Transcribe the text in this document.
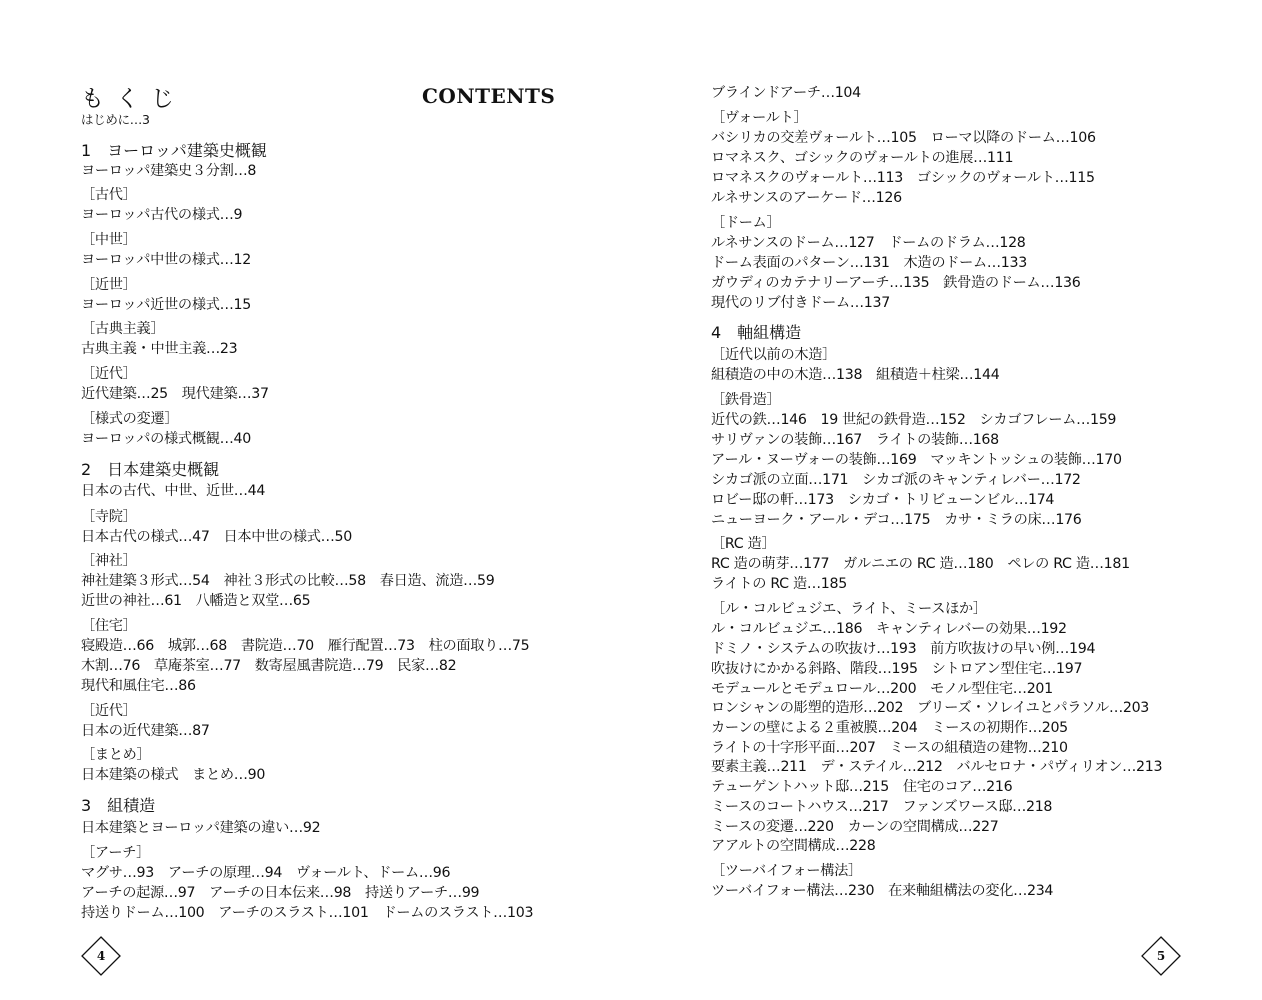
もくじ	CONTENTS
はじめに…3
1　ヨーロッパ建築史概観
ヨーロッパ建築史３分割…8
［古代］
ヨーロッパ古代の様式…9
［中世］
ヨーロッパ中世の様式…12
［近世］
ヨーロッパ近世の様式…15
［古典主義］
古典主義・中世主義…23
［近代］
近代建築…25　現代建築…37
［様式の変遷］
ヨーロッパの様式概観…40
2　日本建築史概観
日本の古代、中世、近世…44
［寺院］
日本古代の様式…47　日本中世の様式…50
［神社］
神社建築３形式…54　神社３形式の比較…58　春日造、流造…59
近世の神社…61　八幡造と双堂…65
［住宅］
寝殿造…66　城郭…68　書院造…70　雁行配置…73　柱の面取り…75
木割…76　草庵茶室…77　数寄屋風書院造…79　民家…82
現代和風住宅…86
［近代］
日本の近代建築…87
［まとめ］
日本建築の様式　まとめ…90
3　組積造
日本建築とヨーロッパ建築の違い…92
［アーチ］
マグサ…93　アーチの原理…94　ヴォールト、ドーム…96
アーチの起源…97　アーチの日本伝来…98　持送りアーチ…99
持送りドーム…100　アーチのスラスト…101　ドームのスラスト…103
4
ブラインドアーチ…104
［ヴォールト］
バシリカの交差ヴォールト…105　ローマ以降のドーム…106
ロマネスク、ゴシックのヴォールトの進展…111
ロマネスクのヴォールト…113　ゴシックのヴォールト…115
ルネサンスのアーケード…126
［ドーム］
ルネサンスのドーム…127　ドームのドラム…128
ドーム表面のパターン…131　木造のドーム…133
ガウディのカテナリーアーチ…135　鉄骨造のドーム…136
現代のリブ付きドーム…137
4　軸組構造
［近代以前の木造］
組積造の中の木造…138　組積造＋柱梁…144
［鉄骨造］
近代の鉄…146　19 世紀の鉄骨造…152　シカゴフレーム…159
サリヴァンの装飾…167　ライトの装飾…168
アール・ヌーヴォーの装飾…169　マッキントッシュの装飾…170
シカゴ派の立面…171　シカゴ派のキャンティレバー…172
ロビー邸の軒…173　シカゴ・トリビューンビル…174
ニューヨーク・アール・デコ…175　カサ・ミラの床…176
［RC 造］
RC 造の萌芽…177　ガルニエの RC 造…180　ペレの RC 造…181
ライトの RC 造…185
［ル・コルビュジエ、ライト、ミースほか］
ル・コルビュジエ…186　キャンティレバーの効果…192
ドミノ・システムの吹抜け…193　前方吹抜けの早い例…194
吹抜けにかかる斜路、階段…195　シトロアン型住宅…197
モデュールとモデュロール…200　モノル型住宅…201
ロンシャンの彫塑的造形…202　ブリーズ・ソレイユとパラソル…203
カーンの壁による２重被膜…204　ミースの初期作…205
ライトの十字形平面…207　ミースの組積造の建物…210
要素主義…211　デ・ステイル…212　バルセロナ・パヴィリオン…213
テューゲントハット邸…215　住宅のコア…216
ミースのコートハウス…217　ファンズワース邸…218
ミースの変遷…220　カーンの空間構成…227
アアルトの空間構成…228
［ツーバイフォー構法］
ツーバイフォー構法…230　在来軸組構法の変化…234
5
